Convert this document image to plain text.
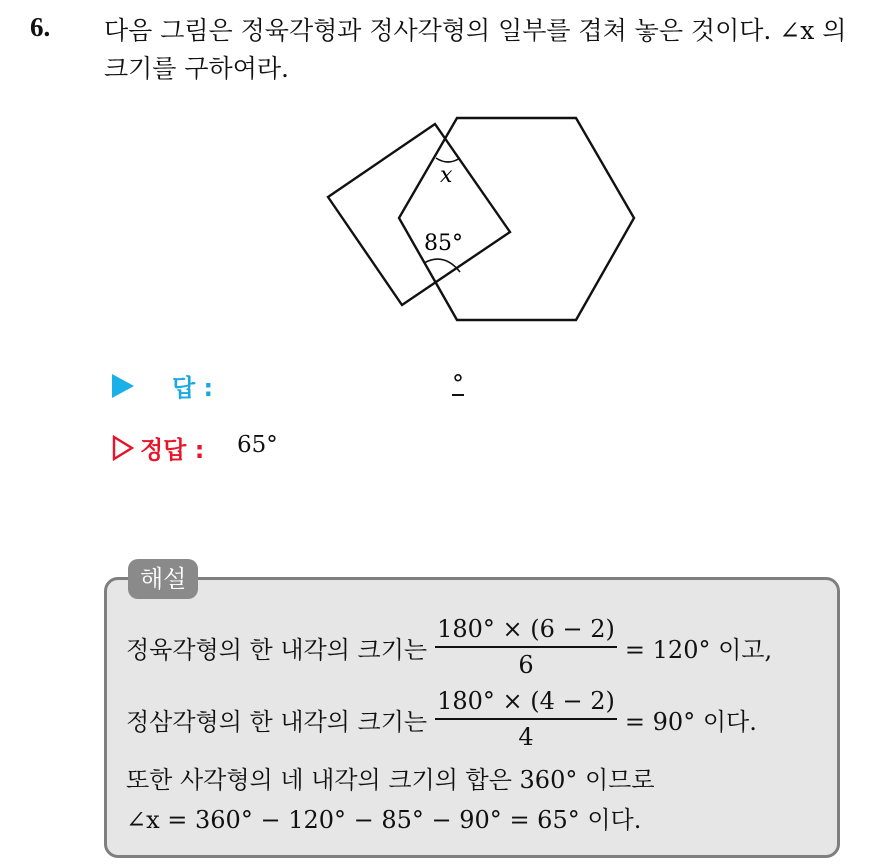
6. 다음 그림은 정육각형과 정사각형의 일부를 겹쳐 놓은 것이다. ∠x 의 크기를 구하여라.
x
85°
답 :	°
정답 : 65°
해설
정육각형의 한 내각의 크기는 $\frac{180^\circ \times (6 - 2)}{6} = 120^\circ$ 이고,
정삼각형의 한 내각의 크기는 $\frac{180^\circ \times (4 - 2)}{4} = 90^\circ$ 이다.
또한 사각형의 네 내각의 크기의 합은 360° 이므로
∠x = 360° − 120° − 85° − 90° = 65° 이다.
